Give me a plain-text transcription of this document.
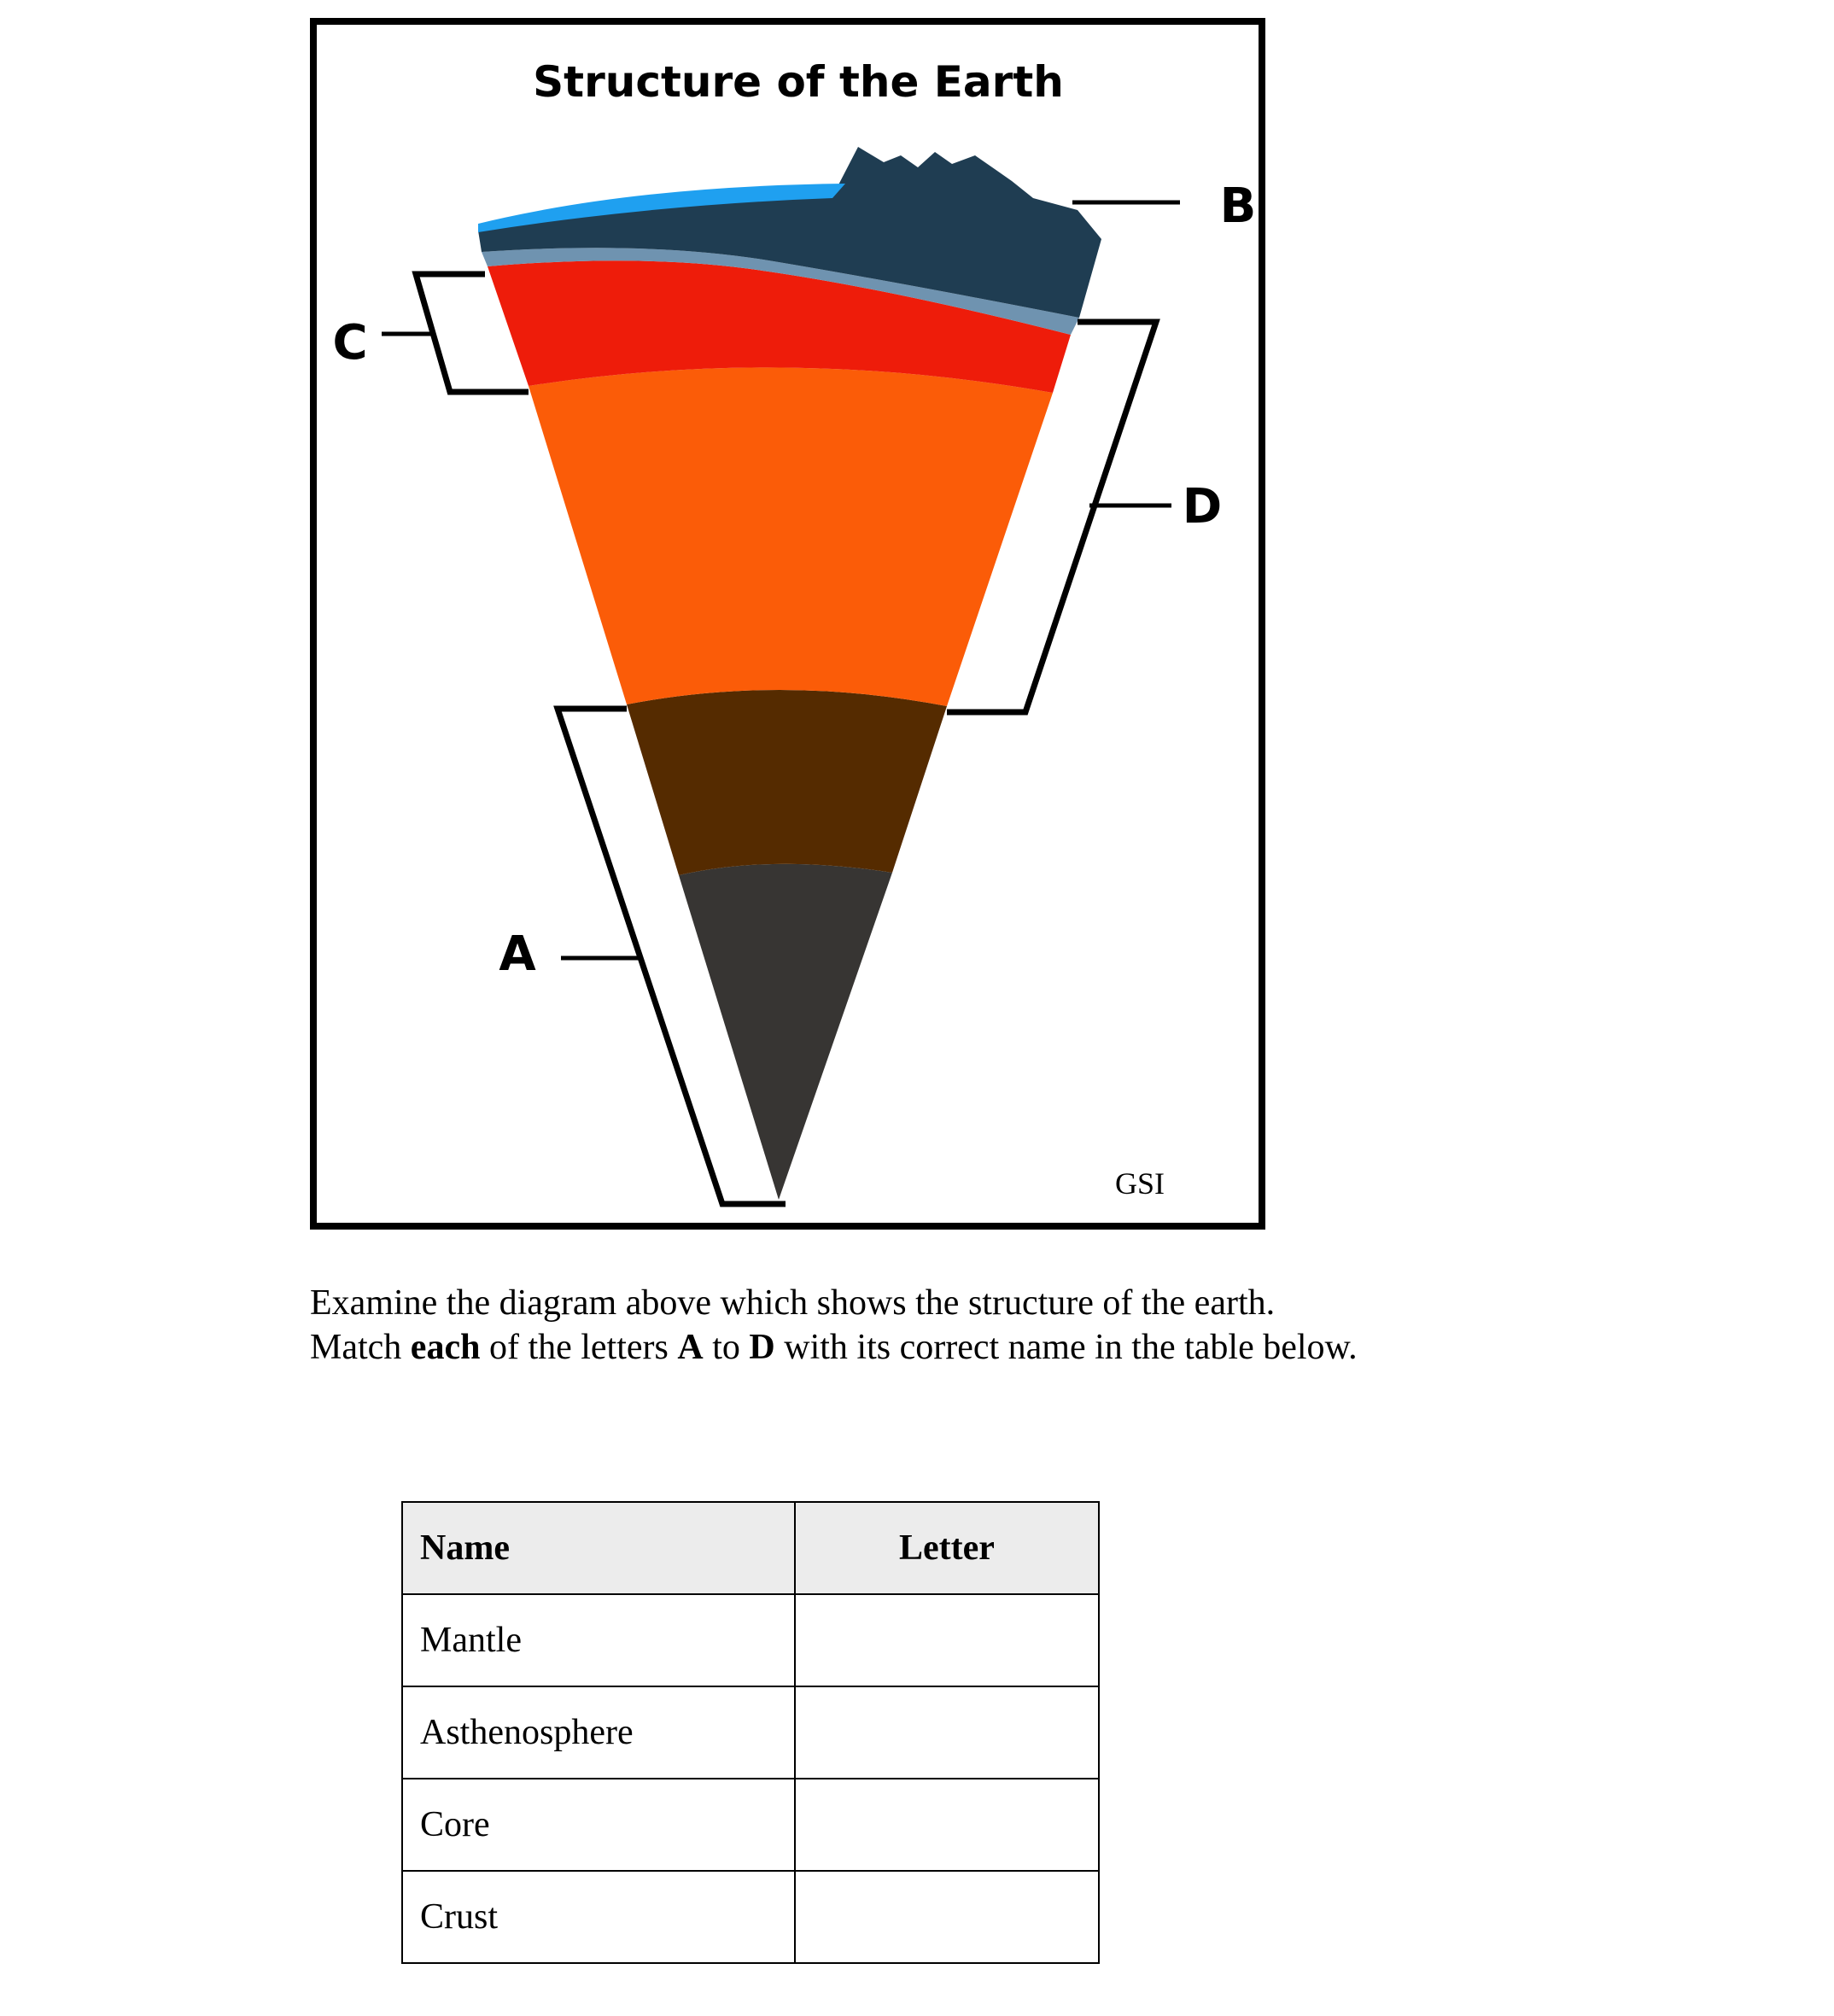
Structure of the Earth
B
C
D
A
GSI

Examine the diagram above which shows the structure of the earth.

Match each of the letters A to D with its correct name in the table below.

Name	Letter
Mantle	
Asthenosphere	
Core	
Crust	
